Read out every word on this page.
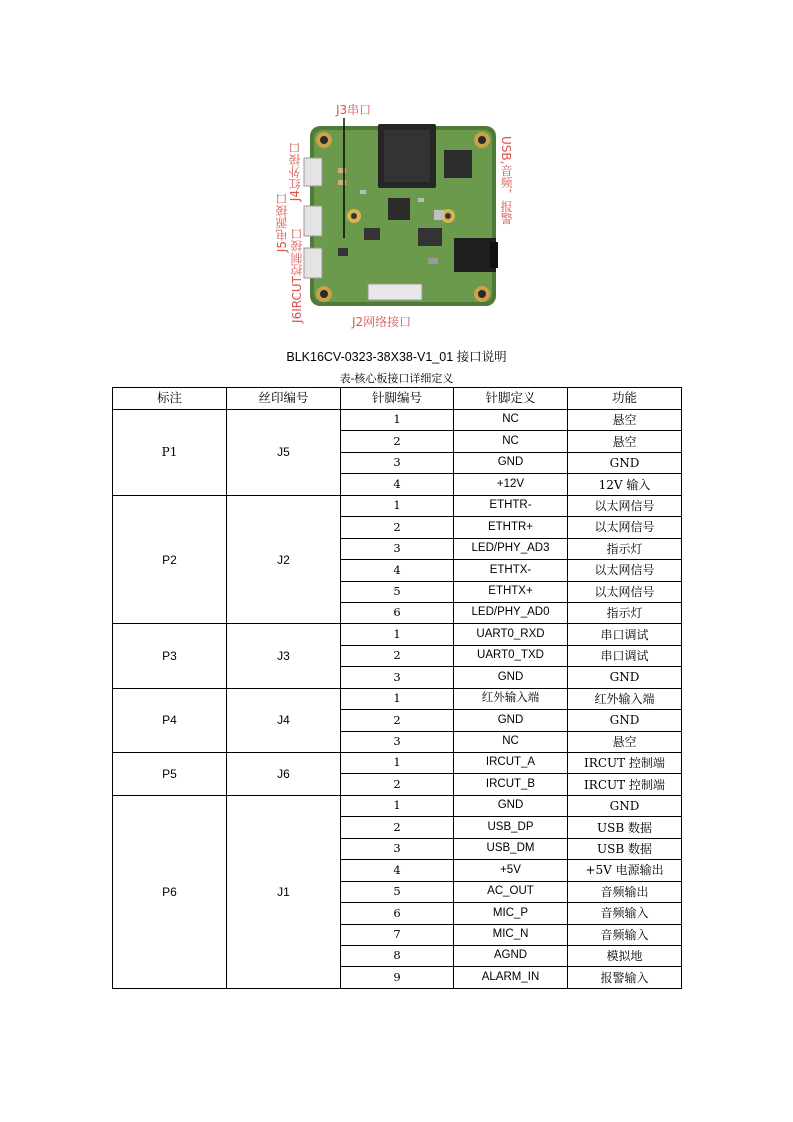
J3串口
J4红外接口
J5电源接口
J6IRCUT控制接口	J2网络接口
USB,音频，报警
BLK16CV-0323-38X38-V1_01 接口说明
表-核心板接口详细定义
标注	丝印编号	针脚编号	针脚定义	功能
P1	J5	1	NC	悬空
		2	NC	悬空
		3	GND	GND
		4	+12V	12V 输入
P2	J2	1	ETHTR-	以太网信号
		2	ETHTR+	以太网信号
		3	LED/PHY_AD3	指示灯
		4	ETHTX-	以太网信号
		5	ETHTX+	以太网信号
		6	LED/PHY_AD0	指示灯
P3	J3	1	UART0_RXD	串口调试
		2	UART0_TXD	串口调试
		3	GND	GND
P4	J4	1	红外输入端	红外输入端
		2	GND	GND
		3	NC	悬空
P5	J6	1	IRCUT_A	IRCUT 控制端
		2	IRCUT_B	IRCUT 控制端
P6	J1	1	GND	GND
		2	USB_DP	USB 数据
		3	USB_DM	USB 数据
		4	+5V	+5V 电源输出
		5	AC_OUT	音频输出
		6	MIC_P	音频输入
		7	MIC_N	音频输入
		8	AGND	模拟地
		9	ALARM_IN	报警输入
